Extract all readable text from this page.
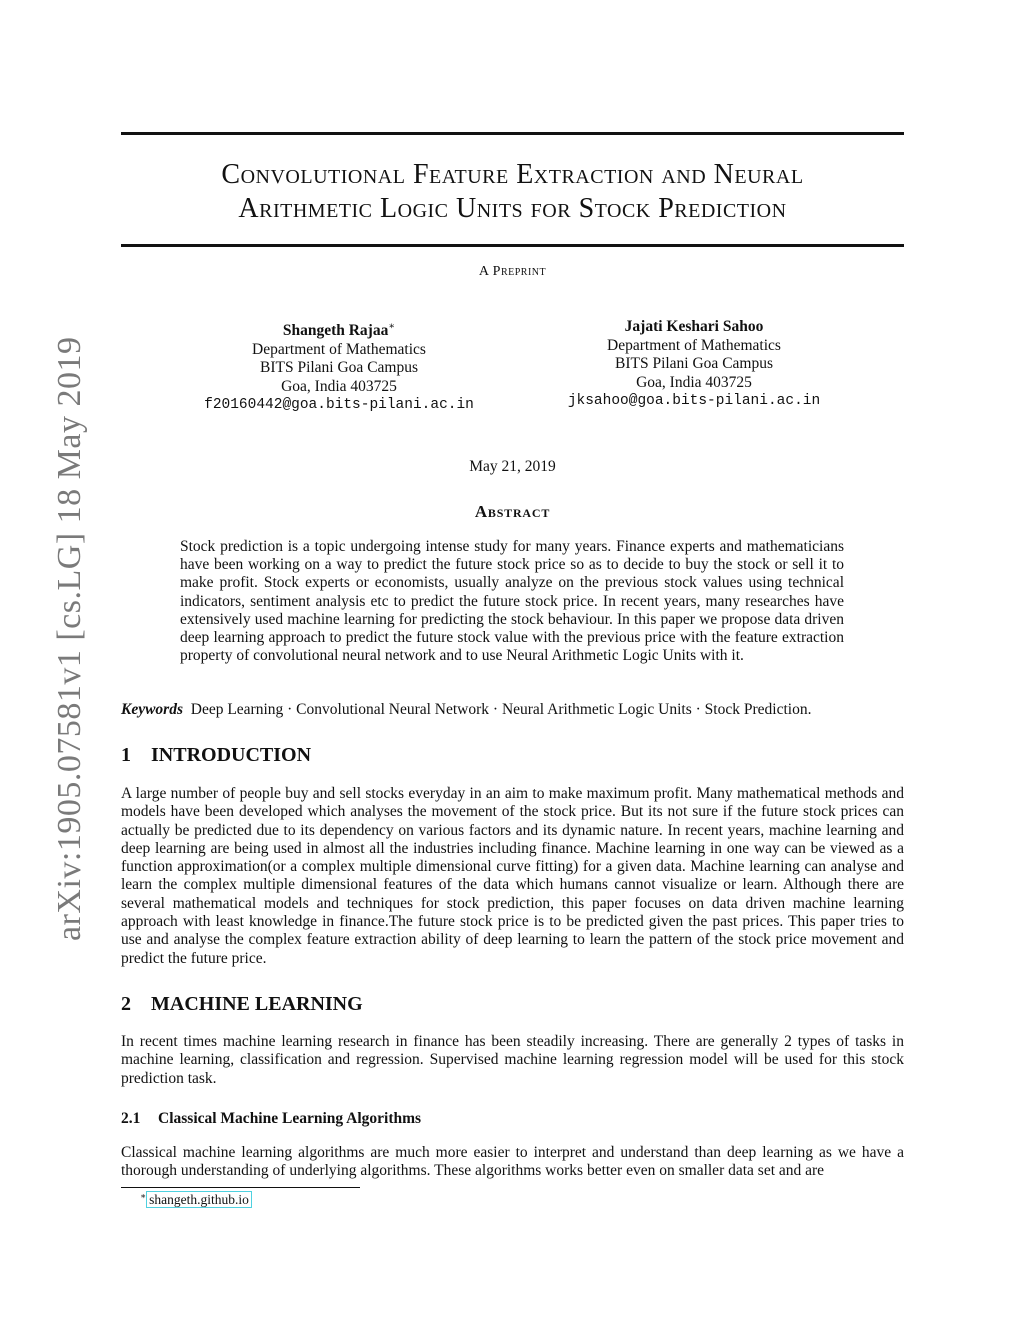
arXiv:1905.07581v1 [cs.LG] 18 May 2019
Convolutional Feature Extraction and Neural
Arithmetic Logic Units for Stock Prediction
A Preprint
Shangeth Rajaa∗
Department of Mathematics
BITS Pilani Goa Campus
Goa, India 403725
f20160442@goa.bits-pilani.ac.in
Jajati Keshari Sahoo
Department of Mathematics
BITS Pilani Goa Campus
Goa, India 403725
jksahoo@goa.bits-pilani.ac.in
May 21, 2019
Abstract
Stock prediction is a topic undergoing intense study for many years. Finance experts and mathematicians have been working on a way to predict the future stock price so as to decide to buy the stock or sell it to make profit. Stock experts or economists, usually analyze on the previous stock values using technical indicators, sentiment analysis etc to predict the future stock price. In recent years, many researches have extensively used machine learning for predicting the stock behaviour. In this paper we propose data driven deep learning approach to predict the future stock value with the previous price with the feature extraction property of convolutional neural network and to use Neural Arithmetic Logic Units with it.
Keywords Deep Learning · Convolutional Neural Network · Neural Arithmetic Logic Units · Stock Prediction.
1 INTRODUCTION
A large number of people buy and sell stocks everyday in an aim to make maximum profit. Many mathematical methods and models have been developed which analyses the movement of the stock price. But its not sure if the future stock prices can actually be predicted due to its dependency on various factors and its dynamic nature. In recent years, machine learning and deep learning are being used in almost all the industries including finance. Machine learning in one way can be viewed as a function approximation(or a complex multiple dimensional curve fitting) for a given data. Machine learning can analyse and learn the complex multiple dimensional features of the data which humans cannot visualize or learn. Although there are several mathematical models and techniques for stock prediction, this paper focuses on data driven machine learning approach with least knowledge in finance.The future stock price is to be predicted given the past prices. This paper tries to use and analyse the complex feature extraction ability of deep learning to learn the pattern of the stock price movement and predict the future price.
2 MACHINE LEARNING
In recent times machine learning research in finance has been steadily increasing. There are generally 2 types of tasks in machine learning, classification and regression. Supervised machine learning regression model will be used for this stock prediction task.
2.1 Classical Machine Learning Algorithms
Classical machine learning algorithms are much more easier to interpret and understand than deep learning as we have a thorough understanding of underlying algorithms. These algorithms works better even on smaller data set and are
∗ shangeth.github.io
